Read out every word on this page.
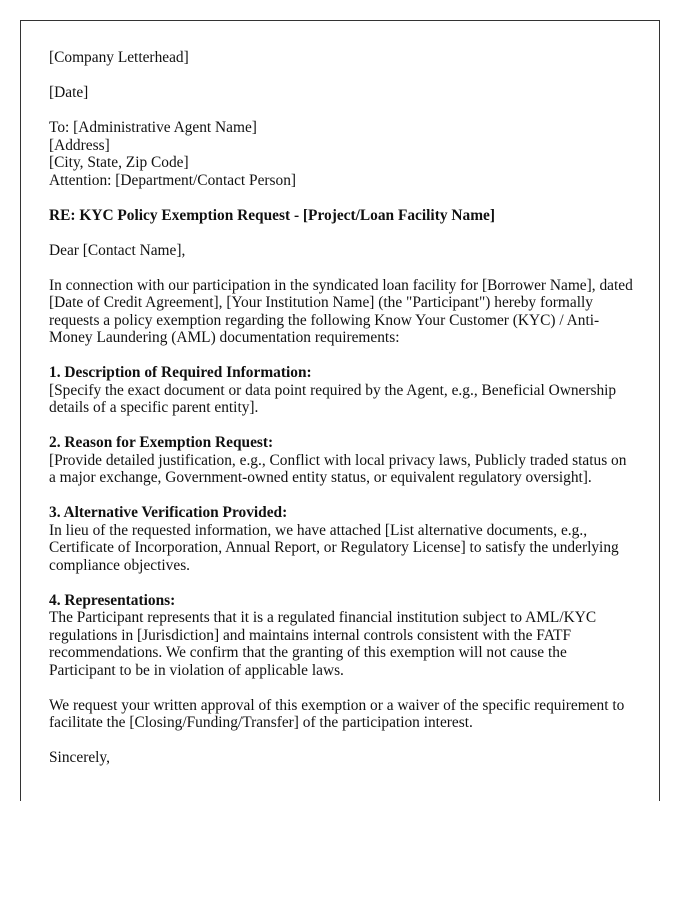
[Company Letterhead]

[Date]

To: [Administrative Agent Name]
[Address]
[City, State, Zip Code]
Attention: [Department/Contact Person]

RE: KYC Policy Exemption Request - [Project/Loan Facility Name]

Dear [Contact Name],

In connection with our participation in the syndicated loan facility for [Borrower Name], dated [Date of Credit Agreement], [Your Institution Name] (the "Participant") hereby formally requests a policy exemption regarding the following Know Your Customer (KYC) / Anti-Money Laundering (AML) documentation requirements:

1. Description of Required Information:
[Specify the exact document or data point required by the Agent, e.g., Beneficial Ownership details of a specific parent entity].

2. Reason for Exemption Request:
[Provide detailed justification, e.g., Conflict with local privacy laws, Publicly traded status on a major exchange, Government-owned entity status, or equivalent regulatory oversight].

3. Alternative Verification Provided:
In lieu of the requested information, we have attached [List alternative documents, e.g., Certificate of Incorporation, Annual Report, or Regulatory License] to satisfy the underlying compliance objectives.

4. Representations:
The Participant represents that it is a regulated financial institution subject to AML/KYC regulations in [Jurisdiction] and maintains internal controls consistent with the FATF recommendations. We confirm that the granting of this exemption will not cause the Participant to be in violation of applicable laws.

We request your written approval of this exemption or a waiver of the specific requirement to facilitate the [Closing/Funding/Transfer] of the participation interest.

Sincerely,
